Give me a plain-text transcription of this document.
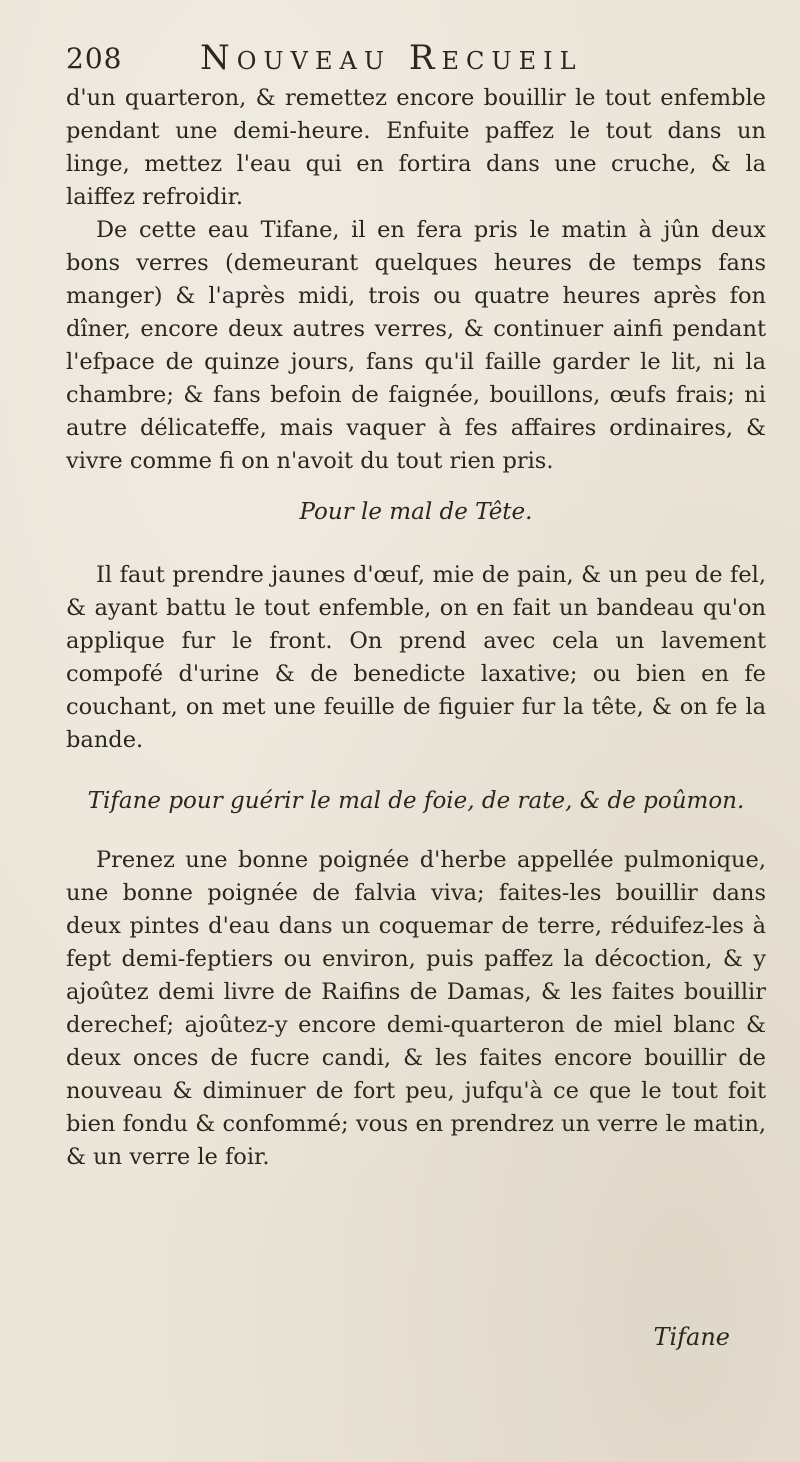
208 Nouveau Recueil

d'un quarteron, & remettez encore bouillir le tout enfemble pendant une demi-heure. Enfuite paffez le tout dans un linge, mettez l'eau qui en fortira dans une cruche, & la laiffez refroidir.

De cette eau Tifane, il en fera pris le matin à jûn deux bons verres (demeurant quelques heures de temps fans manger) & l'après midi, trois ou quatre heures après fon dîner, encore deux autres verres, & continuer ainfi pendant l'efpace de quinze jours, fans qu'il faille garder le lit, ni la chambre; & fans befoin de faignée, bouillons, œufs frais; ni autre délicateffe, mais vaquer à fes affaires ordinaires, & vivre comme fi on n'avoit du tout rien pris.

Pour le mal de Tête.

Il faut prendre jaunes d'œuf, mie de pain, & un peu de fel, & ayant battu le tout enfemble, on en fait un bandeau qu'on applique fur le front. On prend avec cela un lavement compofé d'urine & de benedicte laxative; ou bien en fe couchant, on met une feuille de figuier fur la tête, & on fe la bande.

Tifane pour guérir le mal de foie, de rate, & de poûmon.

Prenez une bonne poignée d'herbe appellée pulmonique, une bonne poignée de falvia viva; faites-les bouillir dans deux pintes d'eau dans un coquemar de terre, réduifez-les à fept demi-feptiers ou environ, puis paffez la décoction, & y ajoûtez demi livre de Raifins de Damas, & les faites bouillir derechef; ajoûtez-y encore demi-quarteron de miel blanc & deux onces de fucre candi, & les faites encore bouillir de nouveau & diminuer de fort peu, jufqu'à ce que le tout foit bien fondu & confommé; vous en prendrez un verre le matin, & un verre le foir.

Tifane
